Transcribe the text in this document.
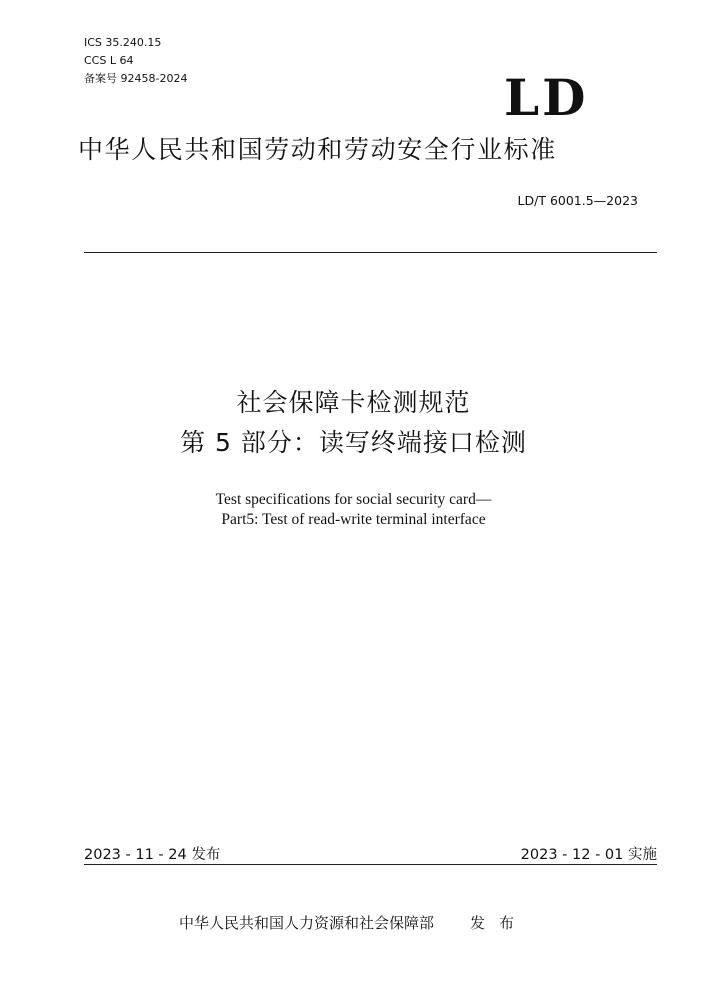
ICS 35.240.15
CCS L 64
备案号 92458-2024	LD
中华人民共和国劳动和劳动安全行业标准
LD/T 6001.5—2023
社会保障卡检测规范
第 5 部分：读写终端接口检测
Test specifications for social security card—
Part5: Test of read-write terminal interface
2023 - 11 - 24 发布	2023 - 12 - 01 实施
中华人民共和国人力资源和社会保障部 发布
